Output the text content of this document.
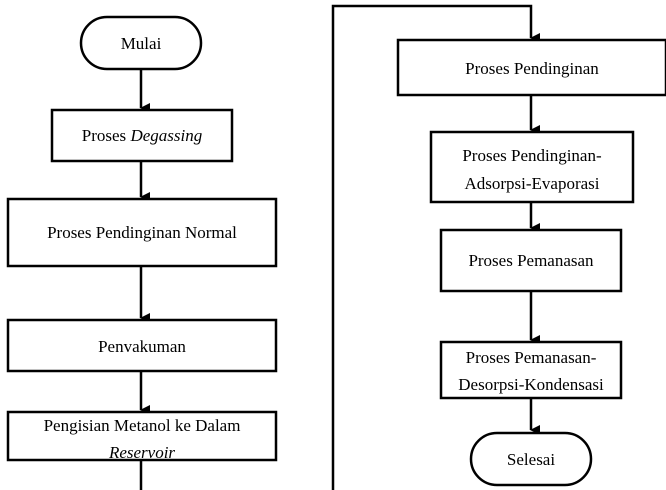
Mulai
Proses Degassing
Proses Pendinginan Normal
Penvakuman
Pengisian Metanol ke Dalam
Reservoir
Proses Pendinginan
Proses Pendinginan-
Adsorpsi-Evaporasi
Proses Pemanasan
Proses Pemanasan-
Desorpsi-Kondensasi
Selesai
